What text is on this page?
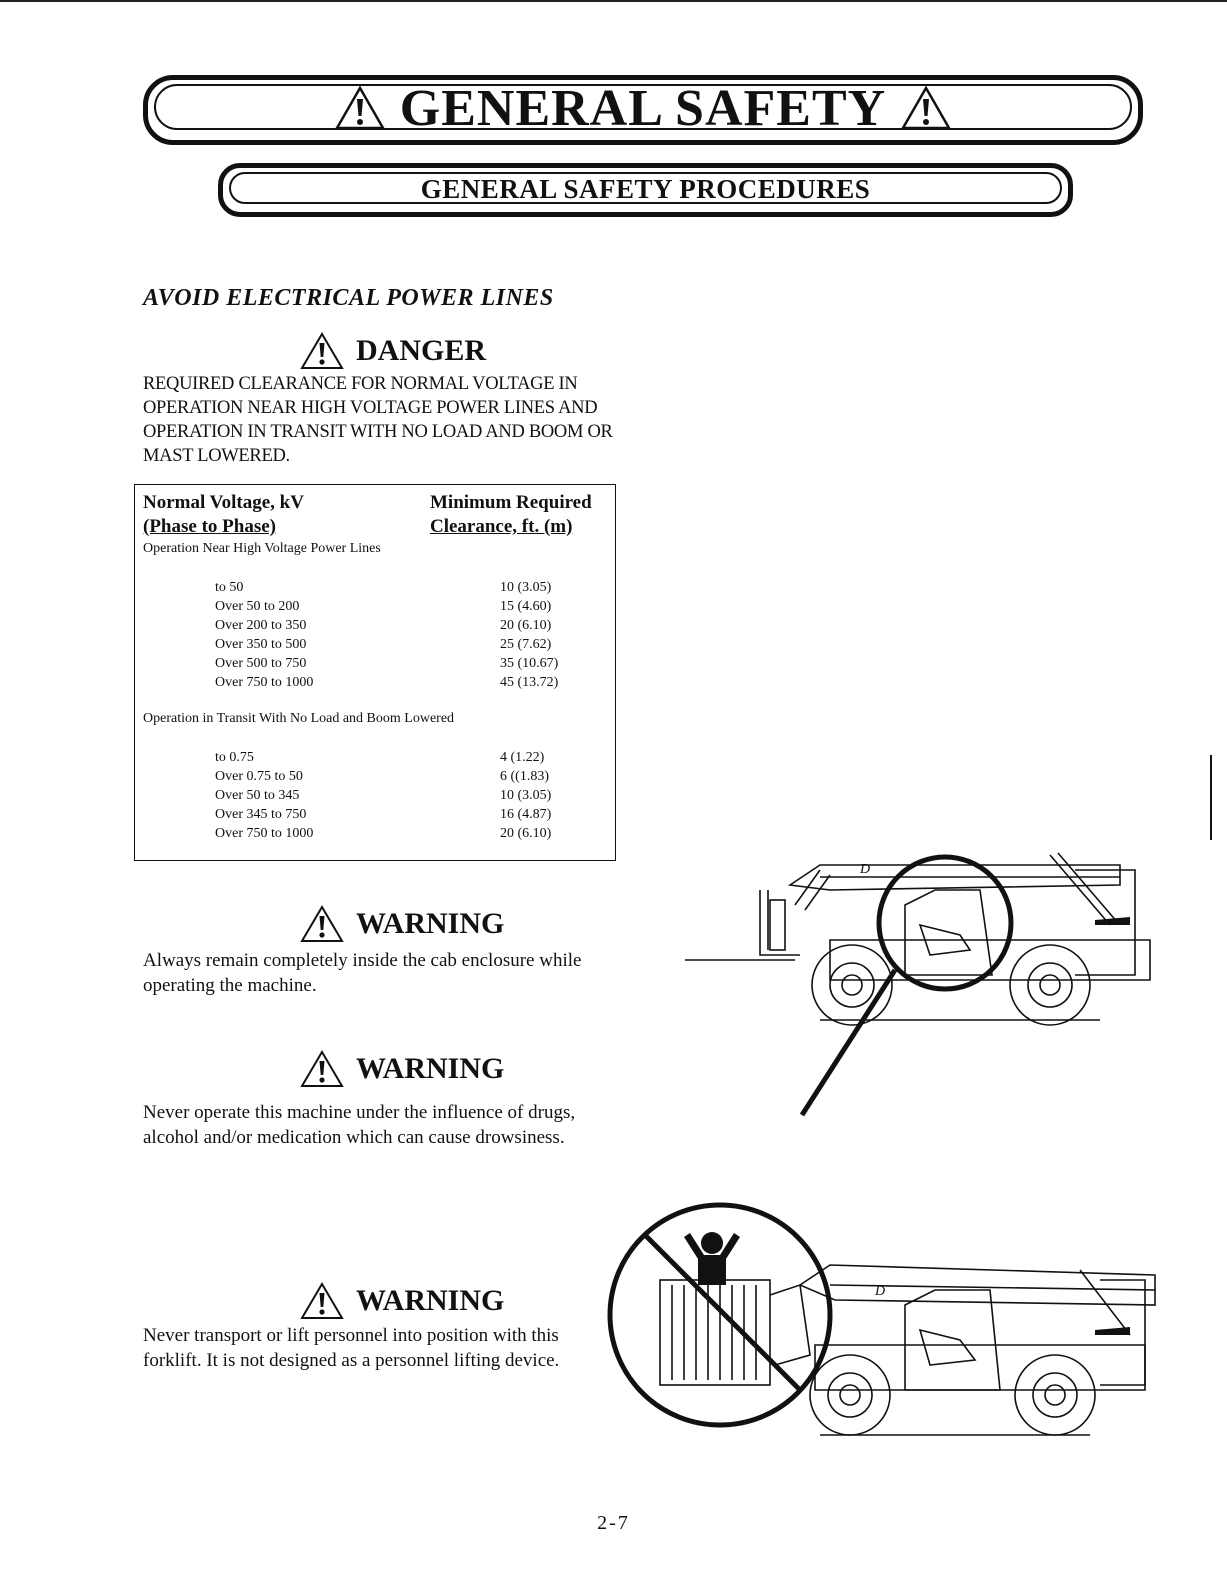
GENERAL SAFETY
GENERAL SAFETY PROCEDURES
AVOID ELECTRICAL POWER LINES
DANGER
REQUIRED CLEARANCE FOR NORMAL VOLTAGE IN OPERATION NEAR HIGH VOLTAGE POWER LINES AND OPERATION IN TRANSIT WITH NO LOAD AND BOOM OR MAST LOWERED.
Normal Voltage, kV
(Phase to Phase)
Minimum Required
Clearance, ft. (m)
Operation Near High Voltage Power Lines
to 50	10 (3.05)
Over 50 to 200	15 (4.60)
Over 200 to 350	20 (6.10)
Over 350 to 500	25 (7.62)
Over 500 to 750	35 (10.67)
Over 750 to 1000	45 (13.72)
Operation in Transit With No Load and Boom Lowered
to 0.75	4 (1.22)
Over 0.75 to 50	6 ((1.83)
Over 50 to 345	10 (3.05)
Over 345 to 750	16 (4.87)
Over 750 to 1000	20 (6.10)
WARNING
Always remain completely inside the cab enclosure while operating the machine.
WARNING
Never operate this machine under the influence of drugs, alcohol and/or medication which can cause drowsiness.
WARNING
Never transport or lift personnel into position with this forklift. It is not designed as a personnel lifting device.
D
D
2-7
